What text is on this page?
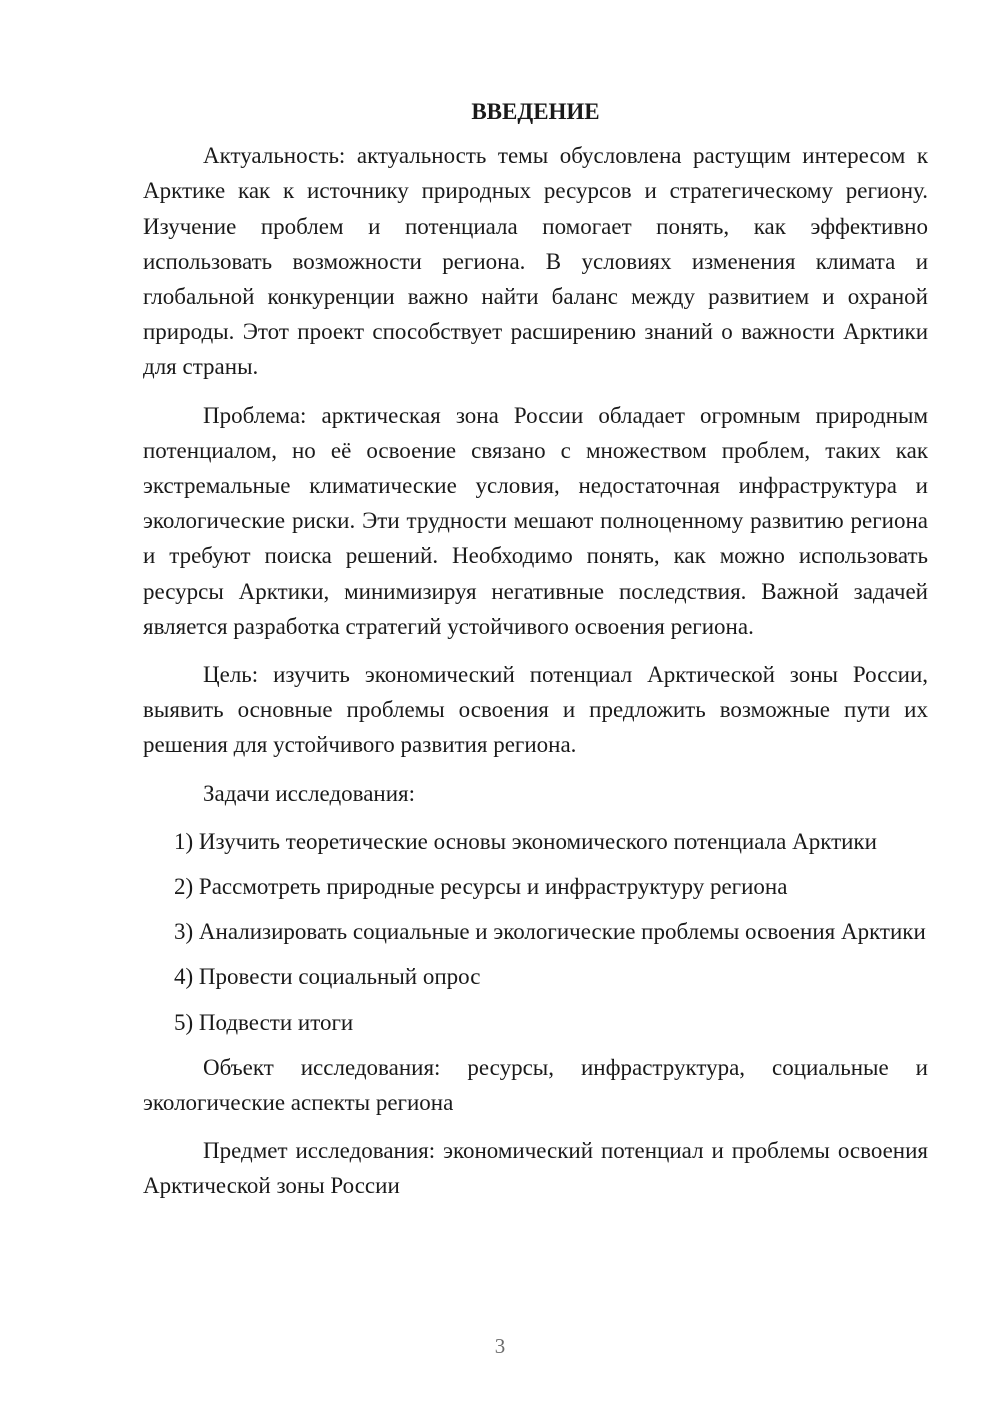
ВВЕДЕНИЕ

Актуальность: актуальность темы обусловлена растущим интересом к Арктике как к источнику природных ресурсов и стратегическому региону. Изучение проблем и потенциала помогает понять, как эффективно использовать возможности региона. В условиях изменения климата и глобальной конкуренции важно найти баланс между развитием и охраной природы. Этот проект способствует расширению знаний о важности Арктики для страны.

Проблема: арктическая зона России обладает огромным природным потенциалом, но её освоение связано с множеством проблем, таких как экстремальные климатические условия, недостаточная инфраструктура и экологические риски. Эти трудности мешают полноценному развитию региона и требуют поиска решений. Необходимо понять, как можно использовать ресурсы Арктики, минимизируя негативные последствия. Важной задачей является разработка стратегий устойчивого освоения региона.

Цель: изучить экономический потенциал Арктической зоны России, выявить основные проблемы освоения и предложить возможные пути их решения для устойчивого развития региона.

Задачи исследования:

1) Изучить теоретические основы экономического потенциала Арктики

2) Рассмотреть природные ресурсы и инфраструктуру региона

3) Анализировать социальные и экологические проблемы освоения Арктики

4) Провести социальный опрос

5) Подвести итоги

Объект исследования: ресурсы, инфраструктура, социальные и экологические аспекты региона

Предмет исследования: экономический потенциал и проблемы освоения Арктической зоны России

3
